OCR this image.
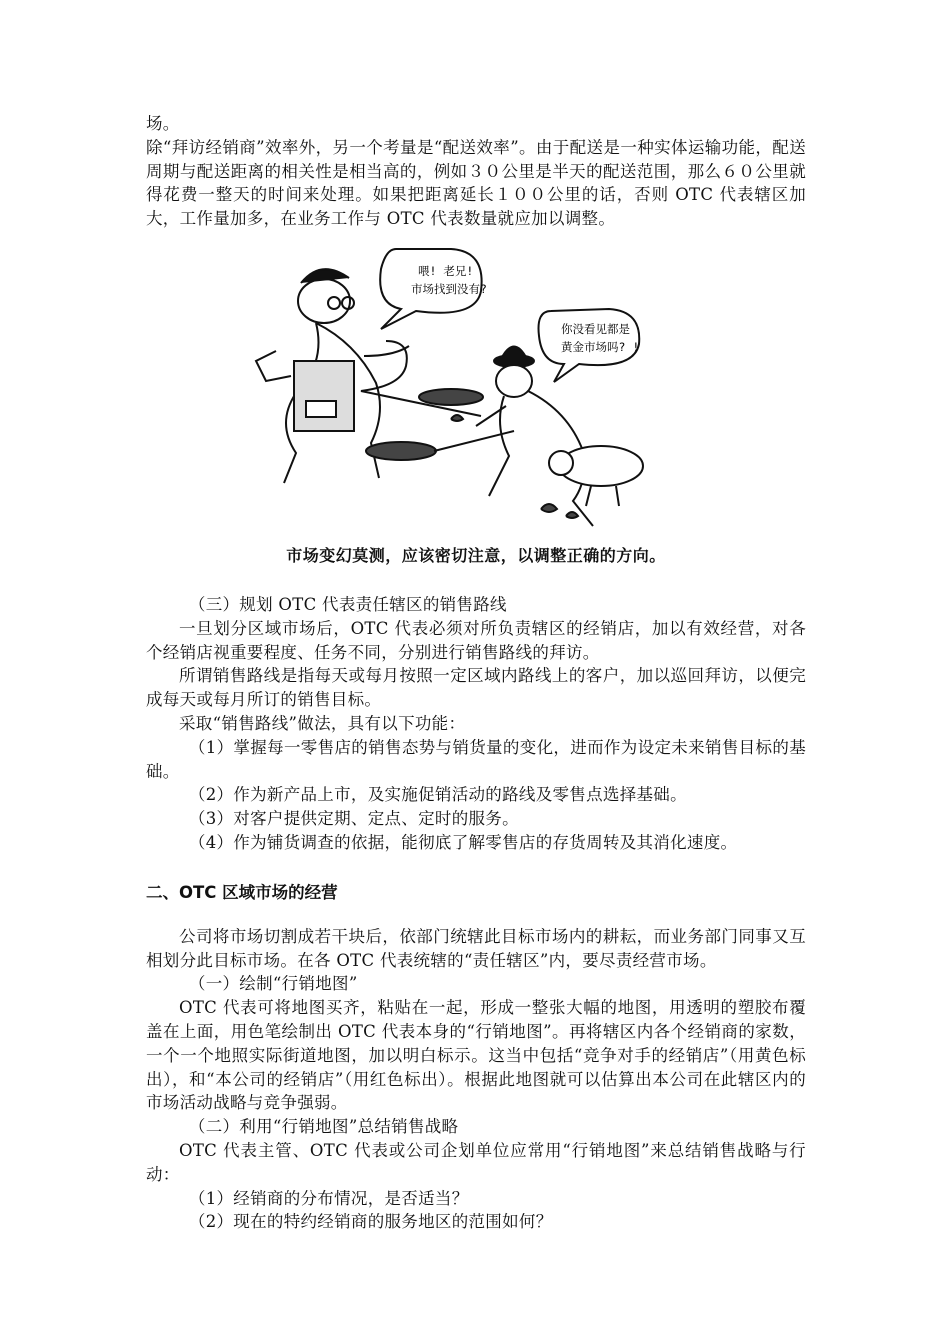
场。

除“拜访经销商”效率外，另一个考量是“配送效率”。由于配送是一种实体运输功能，配送周期与配送距离的相关性是相当高的，例如３０公里是半天的配送范围，那么６０公里就得花费一整天的时间来处理。如果把距离延长１００公里的话，否则 OTC 代表辖区加大，工作量加多，在业务工作与 OTC 代表数量就应加以调整。

喂! 老兄!
市场找到没有?
你没看见都是
黄金市场吗? !
市场变幻莫测，应该密切注意，以调整正确的方向。

（三）规划 OTC 代表责任辖区的销售路线

一旦划分区域市场后，OTC 代表必须对所负责辖区的经销店，加以有效经营，对各个经销店视重要程度、任务不同，分别进行销售路线的拜访。

所谓销售路线是指每天或每月按照一定区域内路线上的客户，加以巡回拜访，以便完成每天或每月所订的销售目标。

采取“销售路线”做法，具有以下功能：

（1）掌握每一零售店的销售态势与销货量的变化，进而作为设定未来销售目标的基础。

（2）作为新产品上市，及实施促销活动的路线及零售点选择基础。

（3）对客户提供定期、定点、定时的服务。

（4）作为铺货调查的依据，能彻底了解零售店的存货周转及其消化速度。

二、OTC 区域市场的经营

公司将市场切割成若干块后，依部门统辖此目标市场内的耕耘，而业务部门同事又互相划分此目标市场。在各 OTC 代表统辖的“责任辖区”内，要尽责经营市场。

（一）绘制“行销地图”

OTC 代表可将地图买齐，粘贴在一起，形成一整张大幅的地图，用透明的塑胶布覆盖在上面，用色笔绘制出 OTC 代表本身的“行销地图”。再将辖区内各个经销商的家数，一个一个地照实际街道地图，加以明白标示。这当中包括“竞争对手的经销店”（用黄色标出），和“本公司的经销店”（用红色标出）。根据此地图就可以估算出本公司在此辖区内的市场活动战略与竞争强弱。

（二）利用“行销地图”总结销售战略

OTC 代表主管、OTC 代表或公司企划单位应常用“行销地图”来总结销售战略与行动：

（1）经销商的分布情况，是否适当？

（2）现在的特约经销商的服务地区的范围如何？
